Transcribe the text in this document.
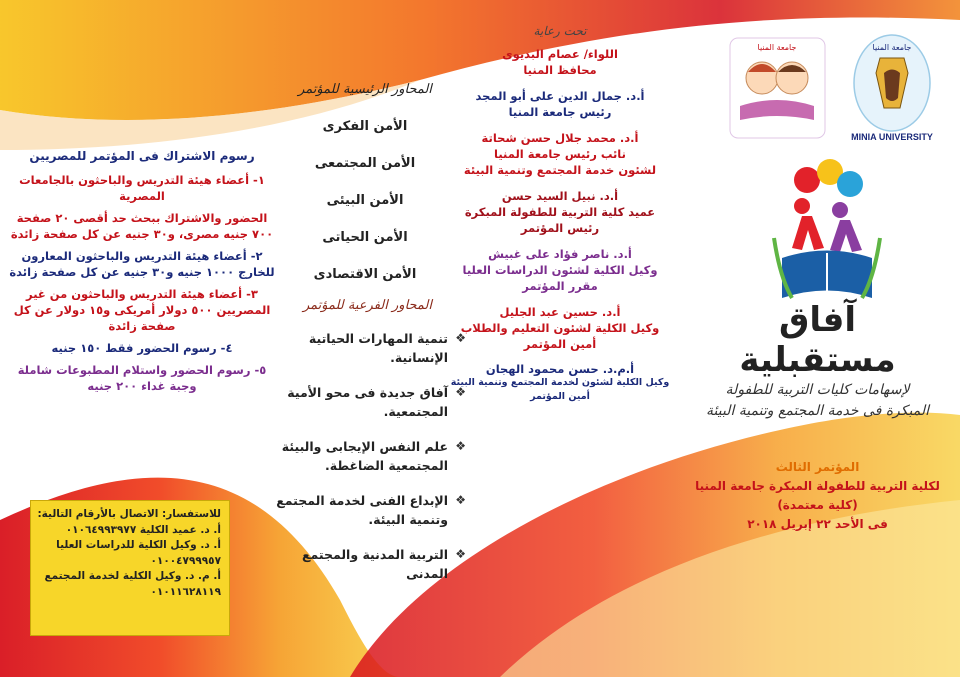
رسوم الاشتراك فى المؤتمر للمصريين
١- أعضاء هيئة التدريس والباحثون بالجامعات
المصرية
الحضور والاشتراك ببحث حد أقصى ٢٠ صفحة
٧٠٠ جنيه مصرى، و٣٠ جنيه عن كل صفحة زائدة
٢- أعضاء هيئة التدريس والباحثون المعارون
للخارج ١٠٠٠ جنيه و٣٠ جنيه عن كل صفحة زائدة
٣- أعضاء هيئة التدريس والباحثون من غير
المصريين ٥٠٠ دولار أمريكى و١٥ دولار عن كل
صفحة زائدة
٤- رسوم الحضور فقط ١٥٠ جنيه
٥- رسوم الحضور واستلام المطبوعات شاملة
وجبة غداء ٢٠٠ جنيه
للاستفسار: الاتصال بالأرقام التالية:
أ. د. عميد الكلية ٠١٠٦٤٩٩٣٩٧٧
أ. د. وكيل الكلية للدراسات العليا
٠١٠٠٤٧٩٩٩٥٧
أ. م. د. وكيل الكلية لخدمة المجتمع
٠١٠١١٦٢٨١١٩
المحاور الرئيسية للمؤتمر
الأمن الفكرى
الأمن المجتمعى
الأمن البيئى
الأمن الحياتى
الأمن الاقتصادى
المحاور الفرعية للمؤتمر
❖
تنمية المهارات الحياتية الإنسانية.
❖
آفاق جديدة فى محو الأمية المجتمعية.
❖
علم النفس الإيجابى والبيئة المجتمعية الضاغطة.
❖
الإبداع الفنى لخدمة المجتمع وتنمية البيئة.
❖
التربية المدنية والمجتمع المدنى
تحت رعاية
اللواء/ عصام البديوى
محافظ المنيا
أ.د. جمال الدين على أبو المجد
رئيس جامعة المنيا
أ.د. محمد جلال حسن شحاتة
نائب رئيس جامعة المنيا
لشئون خدمة المجتمع وتنمية البيئة
أ.د. نبيل السيد حسن
عميد كلية التربية للطفولة المبكرة
رئيس المؤتمر
أ.د. ناصر فؤاد على غبيش
وكيل الكلية لشئون الدراسات العليا
مقرر المؤتمر
أ.د. حسين عبد الجليل
وكيل الكلية لشئون التعليم والطلاب
أمين المؤتمر
أ.م.د. حسن محمود الهجان
وكيل الكلية لشئون لخدمة المجتمع وتنمية البيئة
أمين المؤتمر
MINIA UNIVERSITY
جامعة المنيا
جامعة المنيا
آفاق مستقبلية
لإسهامات كليات التربية للطفولة
المبكرة فى خدمة المجتمع وتنمية البيئة
المؤتمر الثالث
لكلية التربية للطفولة المبكرة جامعة المنيا
(كلية معتمدة)
فى الأحد ٢٢ إبريل ٢٠١٨
